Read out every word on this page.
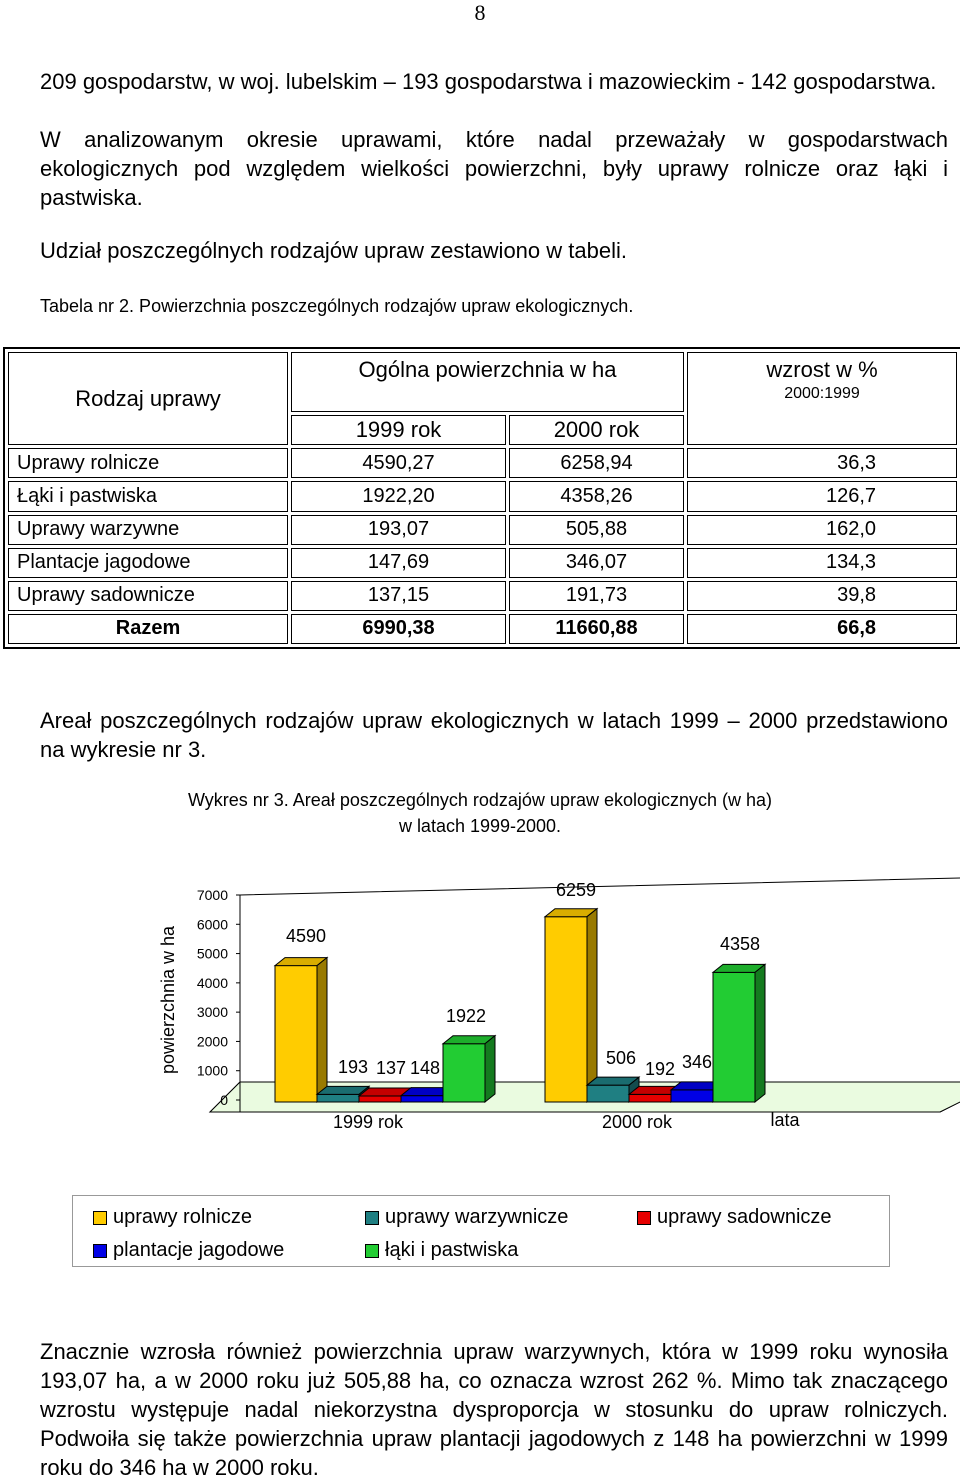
8
209 gospodarstw, w woj. lubelskim – 193 gospodarstwa i mazowieckim - 142 gospodarstwa.
W analizowanym okresie uprawami, które nadal przeważały w gospodarstwach ekologicznych pod względem wielkości powierzchni, były uprawy rolnicze oraz łąki i pastwiska.
Udział poszczególnych rodzajów upraw zestawiono w tabeli.
Tabela nr 2. Powierzchnia poszczególnych rodzajów upraw ekologicznych.
Rodzaj uprawy	Ogólna powierzchnia w ha		wzrost w %
2000:1999

	1999 rok	2000 rok	
Uprawy rolnicze	4590,27	6258,94	36,3
Łąki i pastwiska	1922,20	4358,26	126,7
Uprawy warzywne	193,07	505,88	162,0
Plantacje jagodowe	147,69	346,07	134,3
Uprawy sadownicze	137,15	191,73	39,8
Razem	6990,38	11660,88	66,8
Areał poszczególnych rodzajów upraw ekologicznych w latach 1999 – 2000 przedstawiono na wykresie nr 3.
Wykres nr 3. Areał poszczególnych rodzajów upraw ekologicznych (w ha)
w latach 1999-2000.
0
1000
2000
3000
4000
5000
6000
7000
powierzchnia w ha	4590
193 137 148
1922
6259
506
192 346
4358
1999 rok	2000 rok	lata
uprawy rolnicze	uprawy warzywnicze	uprawy sadownicze
plantacje jagodowe	łąki i pastwiska
Znacznie wzrosła również powierzchnia upraw warzywnych, która w 1999 roku wynosiła 193,07 ha, a w 2000 roku już 505,88 ha, co oznacza wzrost 262 %. Mimo tak znaczącego wzrostu występuje nadal niekorzystna dysproporcja w stosunku do upraw rolniczych. Podwoiła się także powierzchnia upraw plantacji jagodowych z 148 ha powierzchni w 1999 roku do 346 ha w 2000 roku.
